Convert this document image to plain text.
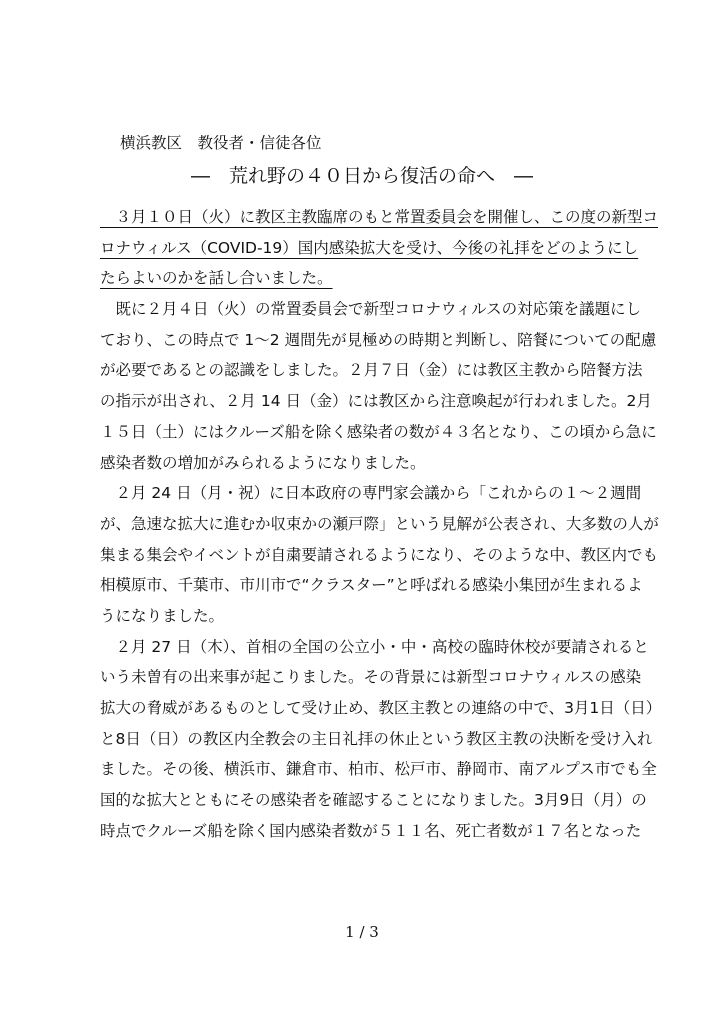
横浜教区　教役者・信徒各位
―　荒れ野の４０日から復活の命へ　―
　３月１０日（火）に教区主教臨席のもと常置委員会を開催し、この度の新型コ
ロナウィルス（COVID-19）国内感染拡大を受け、今後の礼拝をどのようにし
たらよいのかを話し合いました。
　既に２月４日（火）の常置委員会で新型コロナウィルスの対応策を議題にし
ており、この時点で 1～2 週間先が見極めの時期と判断し、陪餐についての配慮
が必要であるとの認識をしました。２月７日（金）には教区主教から陪餐方法
の指示が出され、２月 14 日（金）には教区から注意喚起が行われました。2月
１５日（土）にはクルーズ船を除く感染者の数が４３名となり、この頃から急に
感染者数の増加がみられるようになりました。
　２月 24 日（月・祝）に日本政府の専門家会議から「これからの１～２週間
が、急速な拡大に進むか収束かの瀬戸際」という見解が公表され、大多数の人が
集まる集会やイベントが自粛要請されるようになり、そのような中、教区内でも
相模原市、千葉市、市川市で“クラスター”と呼ばれる感染小集団が生まれるよ
うになりました。
　２月 27 日（木）、首相の全国の公立小・中・高校の臨時休校が要請されると
いう未曽有の出来事が起こりました。その背景には新型コロナウィルスの感染
拡大の脅威があるものとして受け止め、教区主教との連絡の中で、3月1日（日）
と8日（日）の教区内全教会の主日礼拝の休止という教区主教の決断を受け入れ
ました。その後、横浜市、鎌倉市、柏市、松戸市、静岡市、南アルプス市でも全
国的な拡大とともにその感染者を確認することになりました。3月9日（月）の
時点でクルーズ船を除く国内感染者数が５１１名、死亡者数が１７名となった
1 / 3
